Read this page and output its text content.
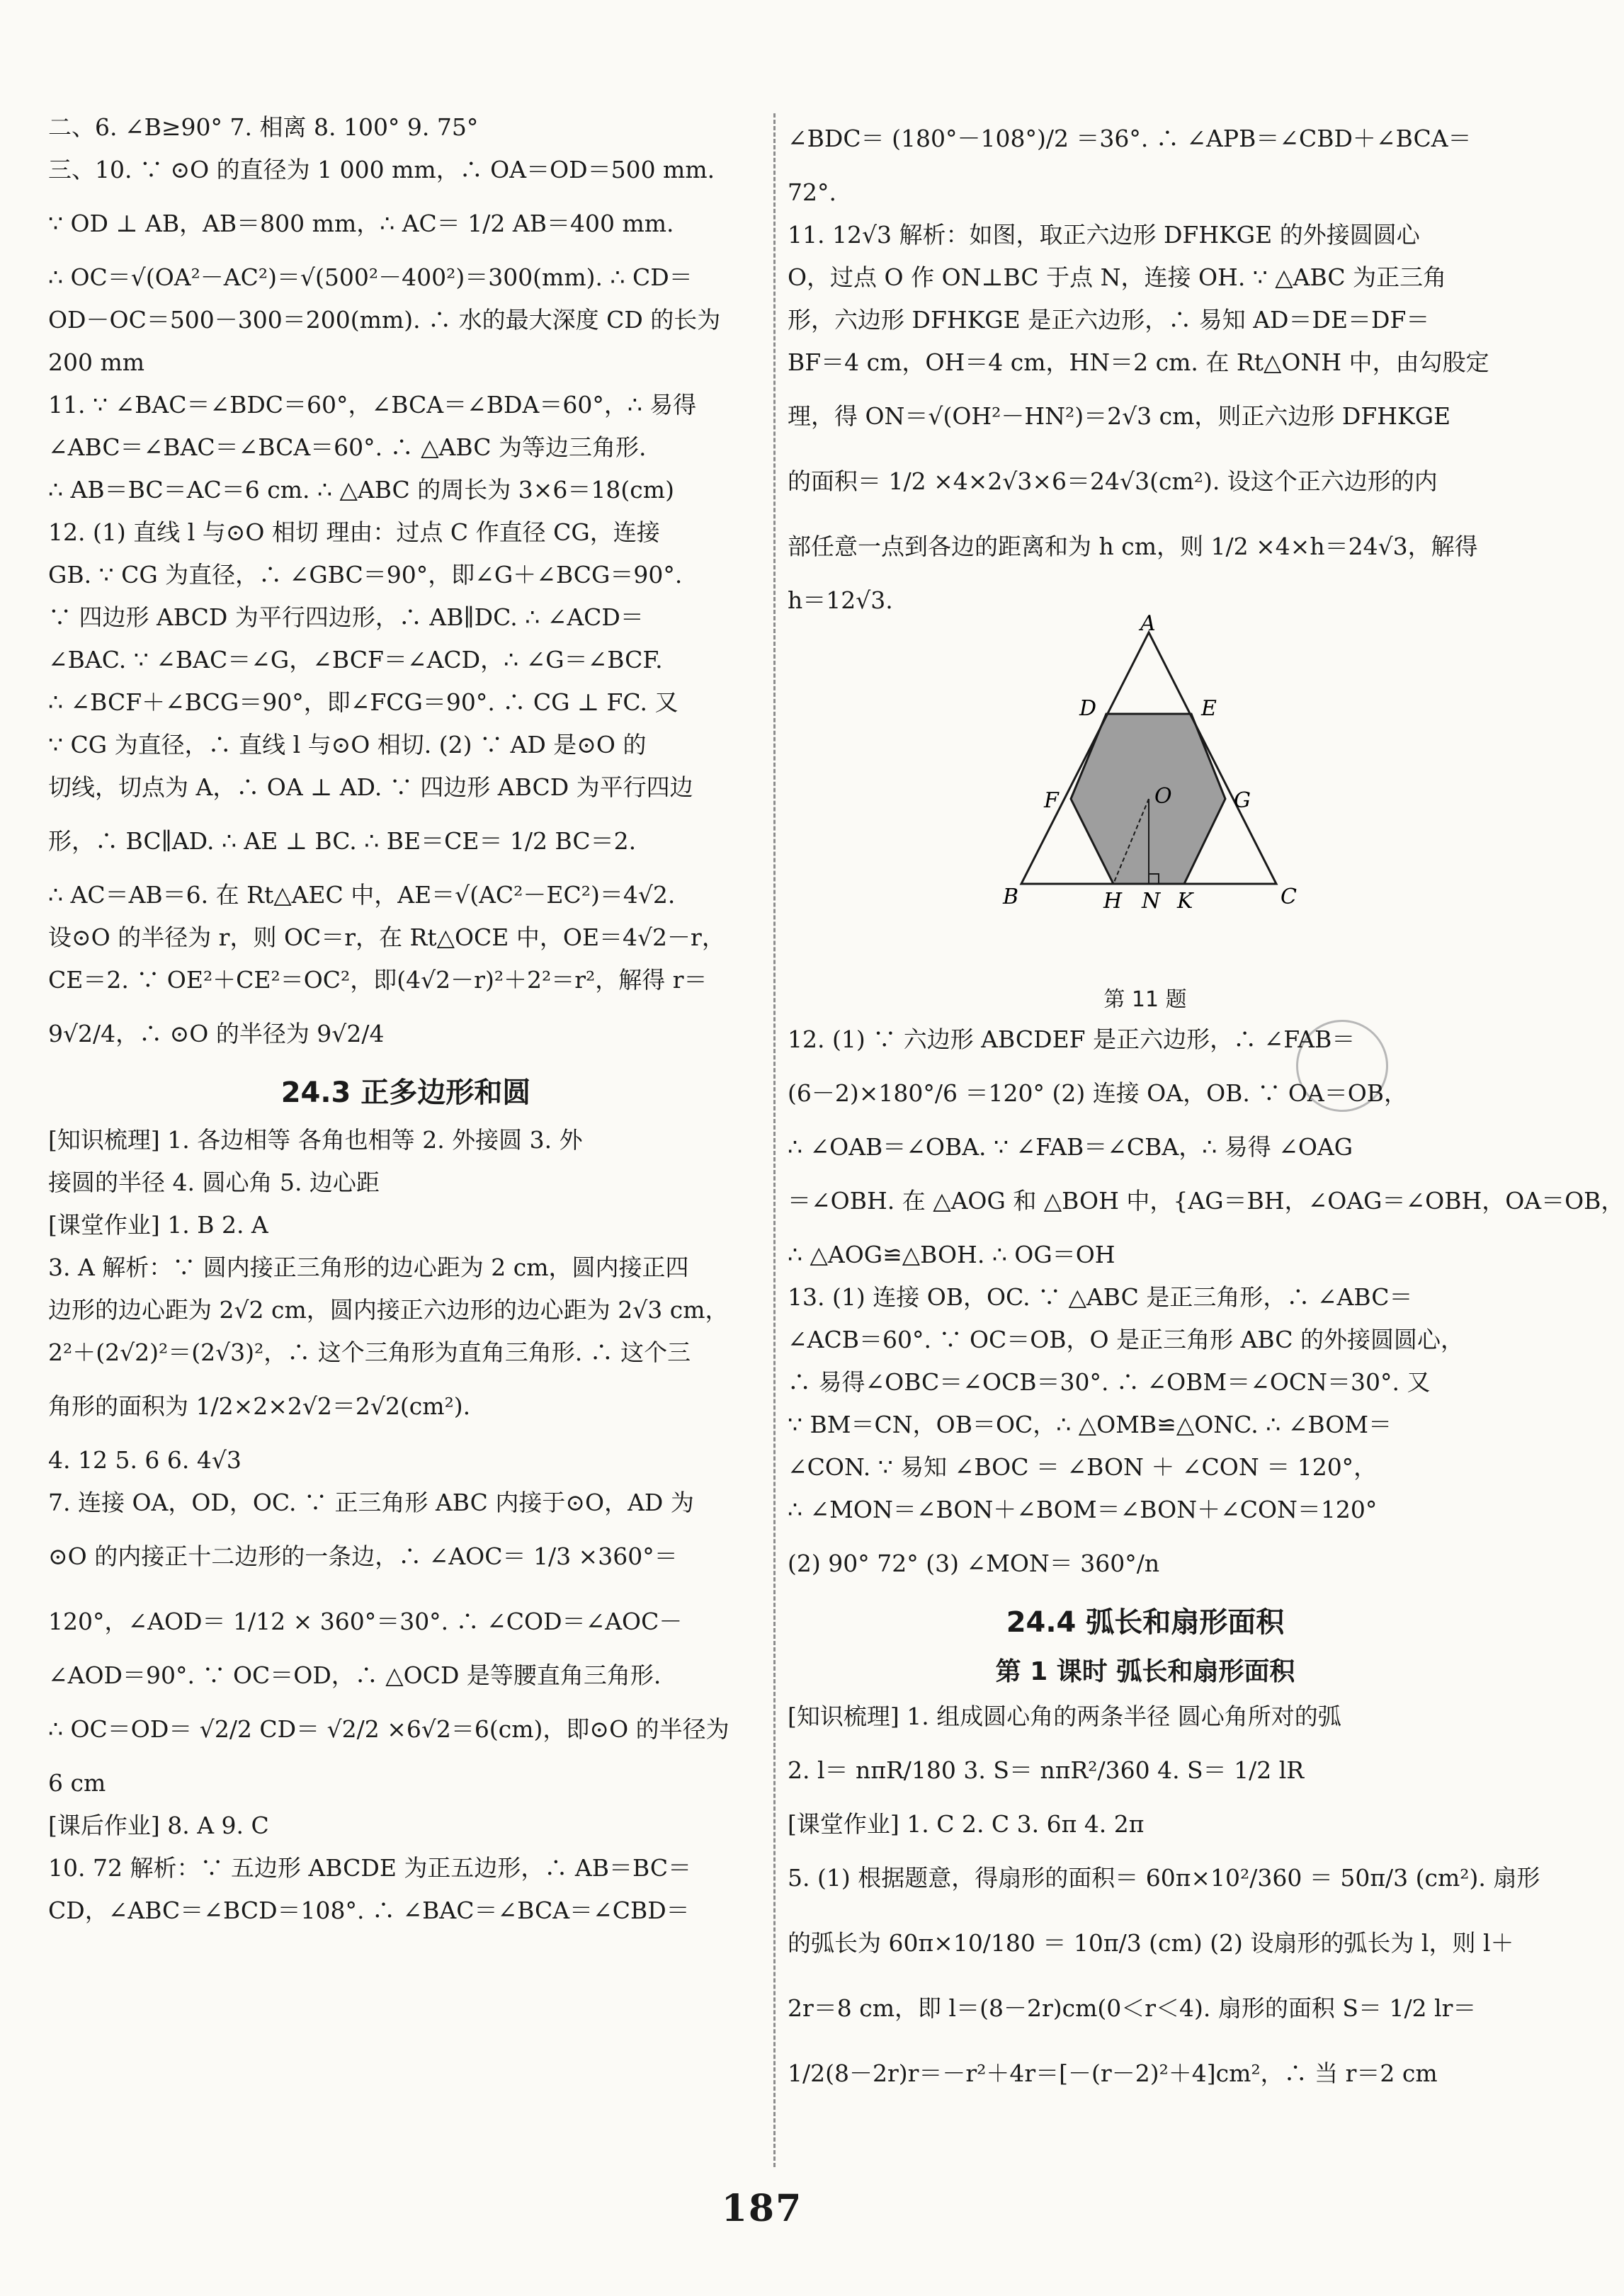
二、6. ∠B≥90° 7. 相离 8. 100° 9. 75°
三、10. ∵ ⊙O 的直径为 1 000 mm，∴ OA＝OD＝500 mm.
∵ OD ⊥ AB，AB＝800 mm，∴ AC＝ 1/2 AB＝400 mm.
∴ OC＝√(OA²－AC²)＝√(500²－400²)＝300(mm). ∴ CD＝
OD－OC＝500－300＝200(mm). ∴ 水的最大深度 CD 的长为
200 mm
11. ∵ ∠BAC＝∠BDC＝60°，∠BCA＝∠BDA＝60°，∴ 易得
∠ABC＝∠BAC＝∠BCA＝60°. ∴ △ABC 为等边三角形.
∴ AB＝BC＝AC＝6 cm. ∴ △ABC 的周长为 3×6＝18(cm)
12. (1) 直线 l 与⊙O 相切 理由：过点 C 作直径 CG，连接
GB. ∵ CG 为直径，∴ ∠GBC＝90°，即∠G＋∠BCG＝90°.
∵ 四边形 ABCD 为平行四边形，∴ AB∥DC. ∴ ∠ACD＝
∠BAC. ∵ ∠BAC＝∠G，∠BCF＝∠ACD，∴ ∠G＝∠BCF.
∴ ∠BCF＋∠BCG＝90°，即∠FCG＝90°. ∴ CG ⊥ FC. 又
∵ CG 为直径，∴ 直线 l 与⊙O 相切. (2) ∵ AD 是⊙O 的
切线，切点为 A，∴ OA ⊥ AD. ∵ 四边形 ABCD 为平行四边
形，∴ BC∥AD. ∴ AE ⊥ BC. ∴ BE＝CE＝ 1/2 BC＝2.
∴ AC＝AB＝6. 在 Rt△AEC 中，AE＝√(AC²－EC²)＝4√2.
设⊙O 的半径为 r，则 OC＝r，在 Rt△OCE 中，OE＝4√2－r，
CE＝2. ∵ OE²＋CE²＝OC²，即(4√2－r)²＋2²＝r²，解得 r＝
9√2/4，∴ ⊙O 的半径为 9√2/4
24.3 正多边形和圆
[知识梳理] 1. 各边相等 各角也相等 2. 外接圆 3. 外
接圆的半径 4. 圆心角 5. 边心距
[课堂作业] 1. B 2. A
3. A 解析：∵ 圆内接正三角形的边心距为 2 cm，圆内接正四
边形的边心距为 2√2 cm，圆内接正六边形的边心距为 2√3 cm，
2²＋(2√2)²＝(2√3)²，∴ 这个三角形为直角三角形. ∴ 这个三
角形的面积为 1/2×2×2√2＝2√2(cm²).
4. 12 5. 6 6. 4√3
7. 连接 OA，OD，OC. ∵ 正三角形 ABC 内接于⊙O，AD 为
⊙O 的内接正十二边形的一条边，∴ ∠AOC＝ 1/3 ×360°＝
120°，∠AOD＝ 1/12 × 360°＝30°. ∴ ∠COD＝∠AOC－
∠AOD＝90°. ∵ OC＝OD，∴ △OCD 是等腰直角三角形.
∴ OC＝OD＝ √2/2 CD＝ √2/2 ×6√2＝6(cm)，即⊙O 的半径为
6 cm
[课后作业] 8. A 9. C
10. 72 解析：∵ 五边形 ABCDE 为正五边形，∴ AB＝BC＝
CD，∠ABC＝∠BCD＝108°. ∴ ∠BAC＝∠BCA＝∠CBD＝
∠BDC＝ (180°－108°)/2 ＝36°. ∴ ∠APB＝∠CBD＋∠BCA＝
72°.
11. 12√3 解析：如图，取正六边形 DFHKGE 的外接圆圆心
O，过点 O 作 ON⊥BC 于点 N，连接 OH. ∵ △ABC 为正三角
形，六边形 DFHKGE 是正六边形，∴ 易知 AD＝DE＝DF＝
BF＝4 cm，OH＝4 cm，HN＝2 cm. 在 Rt△ONH 中，由勾股定
理，得 ON＝√(OH²－HN²)＝2√3 cm，则正六边形 DFHKGE
的面积＝ 1/2 ×4×2√3×6＝24√3(cm²). 设这个正六边形的内
部任意一点到各边的距离和为 h cm，则 1/2 ×4×h＝24√3，解得
h＝12√3.
A
D	E
F	O	G
B	H N K	C
第 11 题
12. (1) ∵ 六边形 ABCDEF 是正六边形，∴ ∠FAB＝
(6－2)×180°/6 ＝120° (2) 连接 OA，OB. ∵ OA＝OB，
∴ ∠OAB＝∠OBA. ∵ ∠FAB＝∠CBA，∴ 易得 ∠OAG
＝∠OBH. 在 △AOG 和 △BOH 中，{AG＝BH，∠OAG＝∠OBH，OA＝OB，
∴ △AOG≌△BOH. ∴ OG＝OH
13. (1) 连接 OB，OC. ∵ △ABC 是正三角形，∴ ∠ABC＝
∠ACB＝60°. ∵ OC＝OB，O 是正三角形 ABC 的外接圆圆心，
∴ 易得∠OBC＝∠OCB＝30°. ∴ ∠OBM＝∠OCN＝30°. 又
∵ BM＝CN，OB＝OC，∴ △OMB≌△ONC. ∴ ∠BOM＝
∠CON. ∵ 易知 ∠BOC ＝ ∠BON ＋ ∠CON ＝ 120°，
∴ ∠MON＝∠BON＋∠BOM＝∠BON＋∠CON＝120°
(2) 90° 72° (3) ∠MON＝ 360°/n
24.4 弧长和扇形面积
第 1 课时 弧长和扇形面积
[知识梳理] 1. 组成圆心角的两条半径 圆心角所对的弧
2. l＝ nπR/180 3. S＝ nπR²/360 4. S＝ 1/2 lR
[课堂作业] 1. C 2. C 3. 6π 4. 2π
5. (1) 根据题意，得扇形的面积＝ 60π×10²/360 ＝ 50π/3 (cm²). 扇形
的弧长为 60π×10/180 ＝ 10π/3 (cm) (2) 设扇形的弧长为 l，则 l＋
2r＝8 cm，即 l＝(8－2r)cm(0＜r＜4). 扇形的面积 S＝ 1/2 lr＝
1/2(8－2r)r＝－r²＋4r＝[－(r－2)²＋4]cm²，∴ 当 r＝2 cm
187
